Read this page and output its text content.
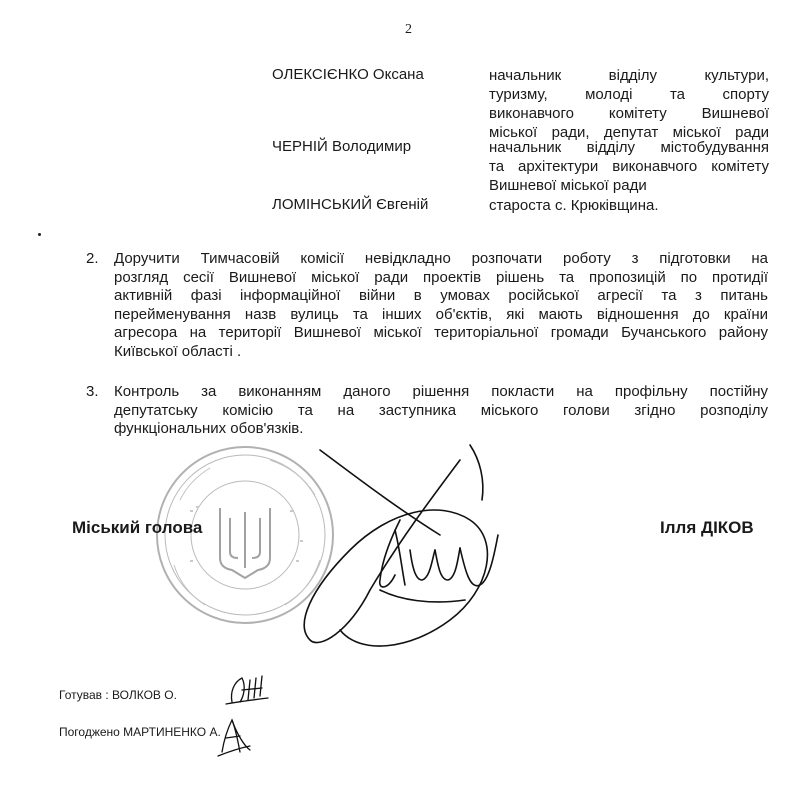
2
ОЛЕКСІЄНКО Оксана	начальник відділу культури,
туризму, молоді та спорту
виконавчого комітету Вишневої
міської ради, депутат міської ради
ЧЕРНІЙ Володимир	начальник відділу містобудування
та архітектури виконавчого комітету
Вишневої міської ради
ЛОМІНСЬКИЙ Євгеній	староста с. Крюківщина.
2. Доручити Тимчасовій комісії невідкладно розпочати роботу з підготовки на
розгляд сесії Вишневої міської ради проектів рішень та пропозицій по протидії
активній фазі інформаційної війни в умовах російської агресії та з питань
перейменування назв вулиць та інших об'єктів, які мають відношення до країни
агресора на території Вишневої міської територіальної громади Бучанського району
Київської області .
3. Контроль за виконанням даного рішення покласти на профільну постійну
депутатську комісію та на заступника міського голови згідно розподілу
функціональних обов'язків.
Міський голова	Ілля ДІКОВ
Готував : ВОЛКОВ О.
Погоджено МАРТИНЕНКО А.
